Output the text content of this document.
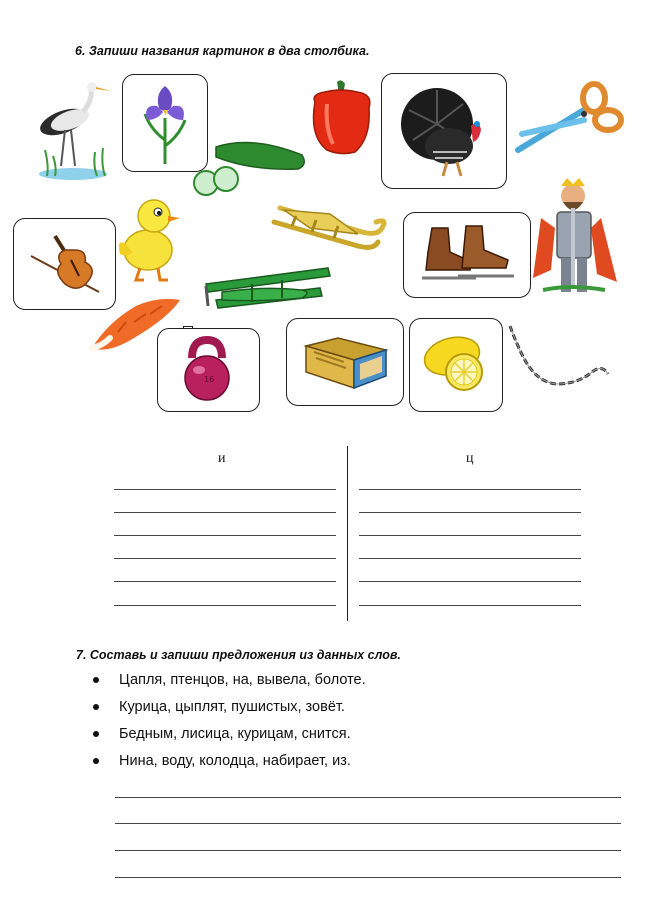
6. Запиши названия картинок в два столбика.
16
и	ц
7. Составь и запиши предложения из данных слов.
Цапля, птенцов, на, вывела, болоте.
Курица, цыплят, пушистых, зовёт.
Бедным, лисица, курицам, снится.
Нина, воду, колодца, набирает, из.
